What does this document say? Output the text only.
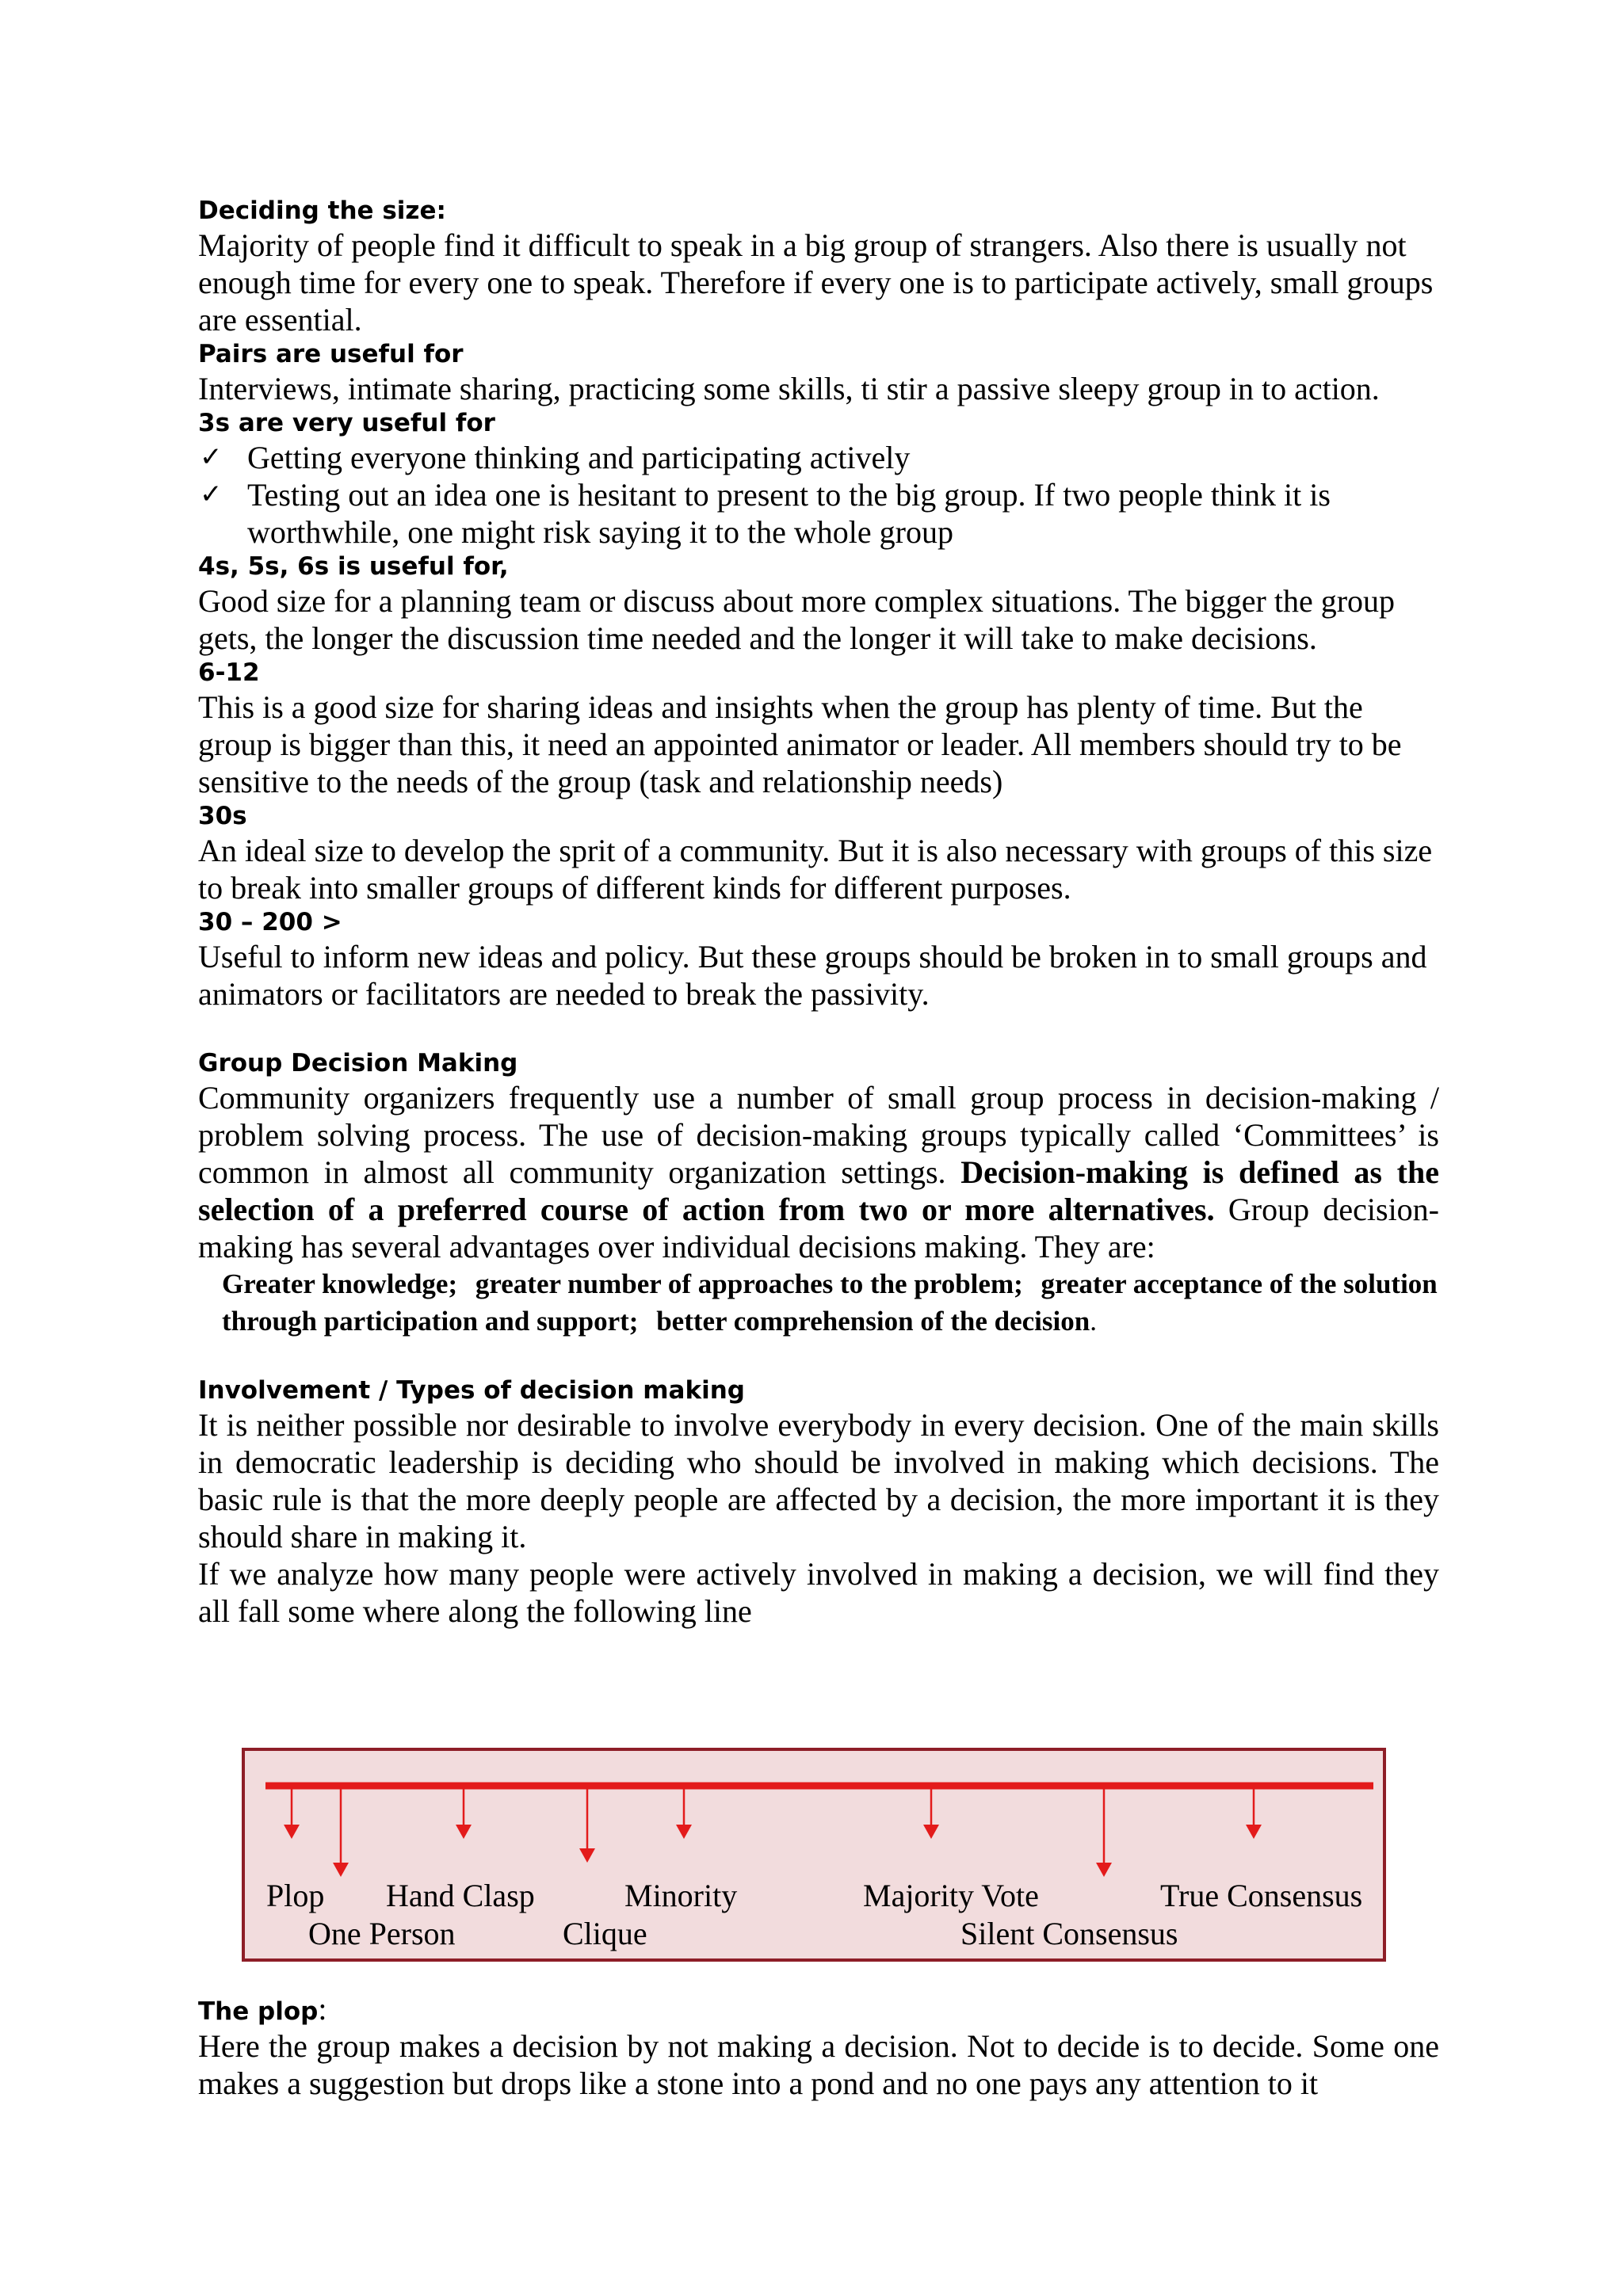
Deciding the size:
Majority of people find it difficult to speak in a big group of strangers. Also there is usually not enough time for every one to speak. Therefore if every one is to participate actively, small groups are essential.
Pairs are useful for
Interviews, intimate sharing, practicing some skills, ti stir a passive sleepy group in to action.
3s are very useful for
✓ Getting everyone thinking and participating actively
✓ Testing out an idea one is hesitant to present to the big group. If two people think it is worthwhile, one might risk saying it to the whole group
4s, 5s, 6s is useful for,
Good size for a planning team or discuss about more complex situations. The bigger the group gets, the longer the discussion time needed and the longer it will take to make decisions.
6-12
This is a good size for sharing ideas and insights when the group has plenty of time. But the group is bigger than this, it need an appointed animator or leader. All members should try to be sensitive to the needs of the group (task and relationship needs)
30s
An ideal size to develop the sprit of a community. But it is also necessary with groups of this size to break into smaller groups of different kinds for different purposes.
30 – 200 >
Useful to inform new ideas and policy. But these groups should be broken in to small groups and animators or facilitators are needed to break the passivity.
Group Decision Making
Community organizers frequently use a number of small group process in decision-making / problem solving process. The use of decision-making groups typically called ‘Committees’ is common in almost all community organization settings. Decision-making is defined as the selection of a preferred course of action from two or more alternatives. Group decision-making has several advantages over individual decisions making. They are:
Greater knowledge; greater number of approaches to the problem; greater acceptance of the solution through participation and support; better comprehension of the decision.
Involvement / Types of decision making
It is neither possible nor desirable to involve everybody in every decision. One of the main skills in democratic leadership is deciding who should be involved in making which decisions. The basic rule is that the more deeply people are affected by a decision, the more important it is they should share in making it.
If we analyze how many people were actively involved in making a decision, we will find they all fall some where along the following line
Plop Hand Clasp	Minority	Majority Vote	True Consensus
One Person	Clique	Silent Consensus
The plop:
Here the group makes a decision by not making a decision. Not to decide is to decide. Some one makes a suggestion but drops like a stone into a pond and no one pays any attention to it
